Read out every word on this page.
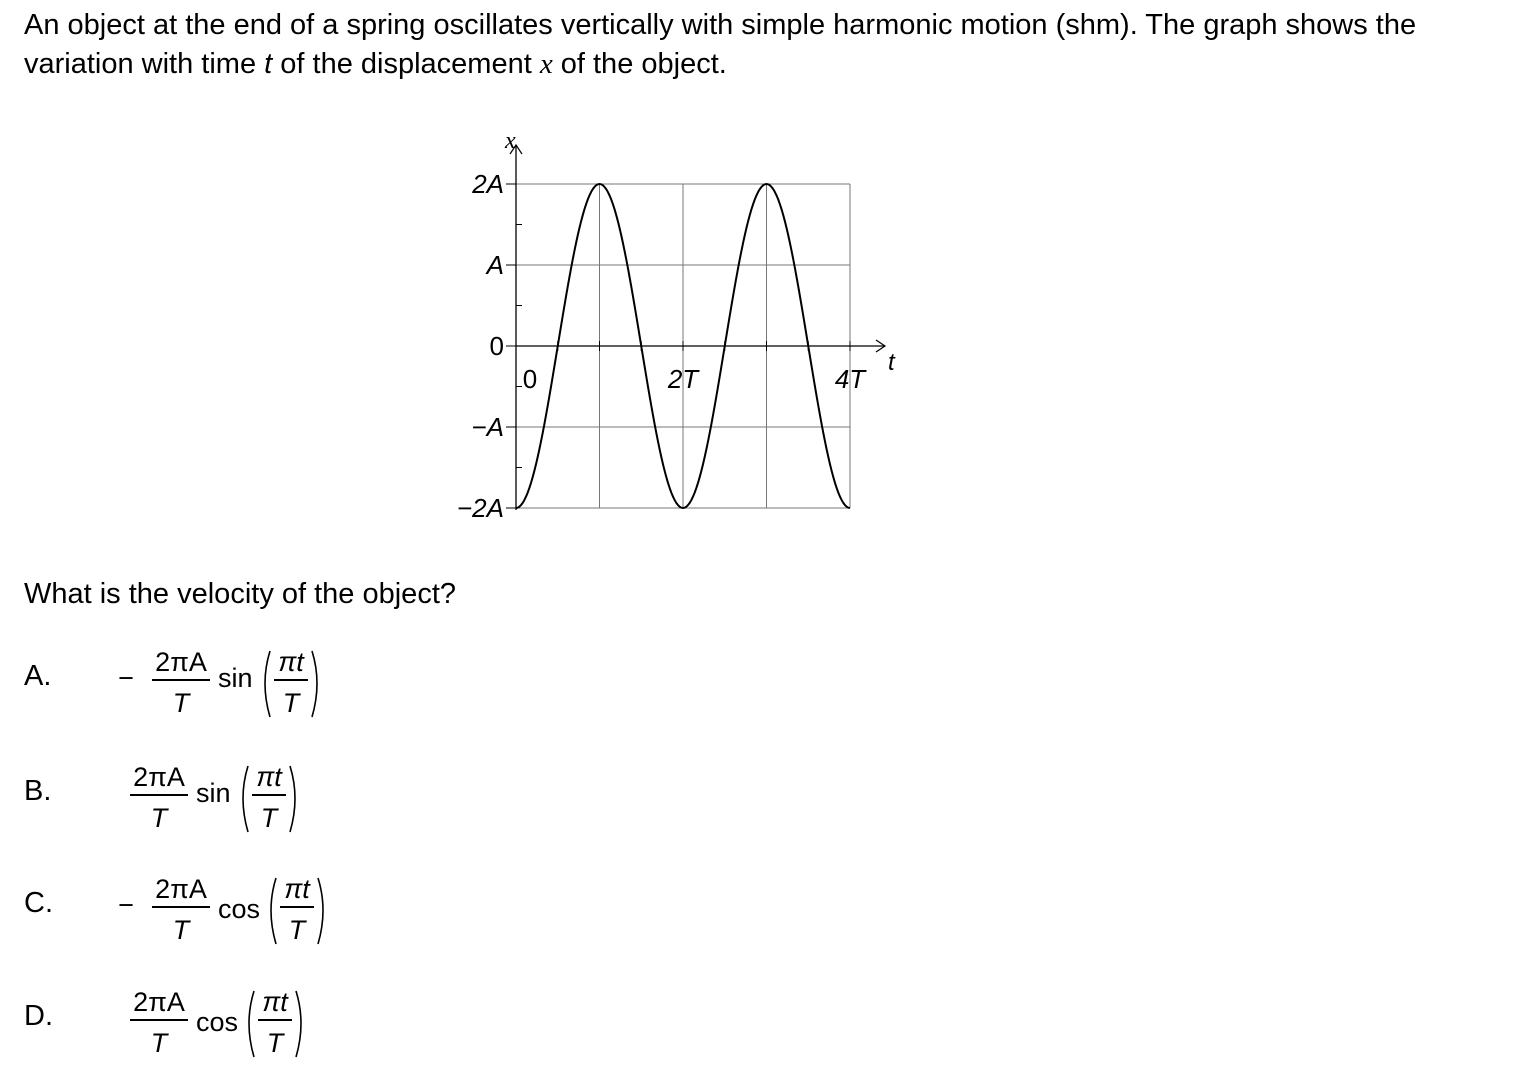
An object at the end of a spring oscillates vertically with simple harmonic motion (shm). The graph shows the variation with time t of the displacement x of the object.

x
t
2A
A
0
−A
−2A
0	2T	4T

What is the velocity of the object?

A. −
2πA
T
sin
πt
T
B.	2πA
T
sin
πt
T
C. −
2πA
T
cos
πt
T
D.	2πA
T
cos
πt
T
